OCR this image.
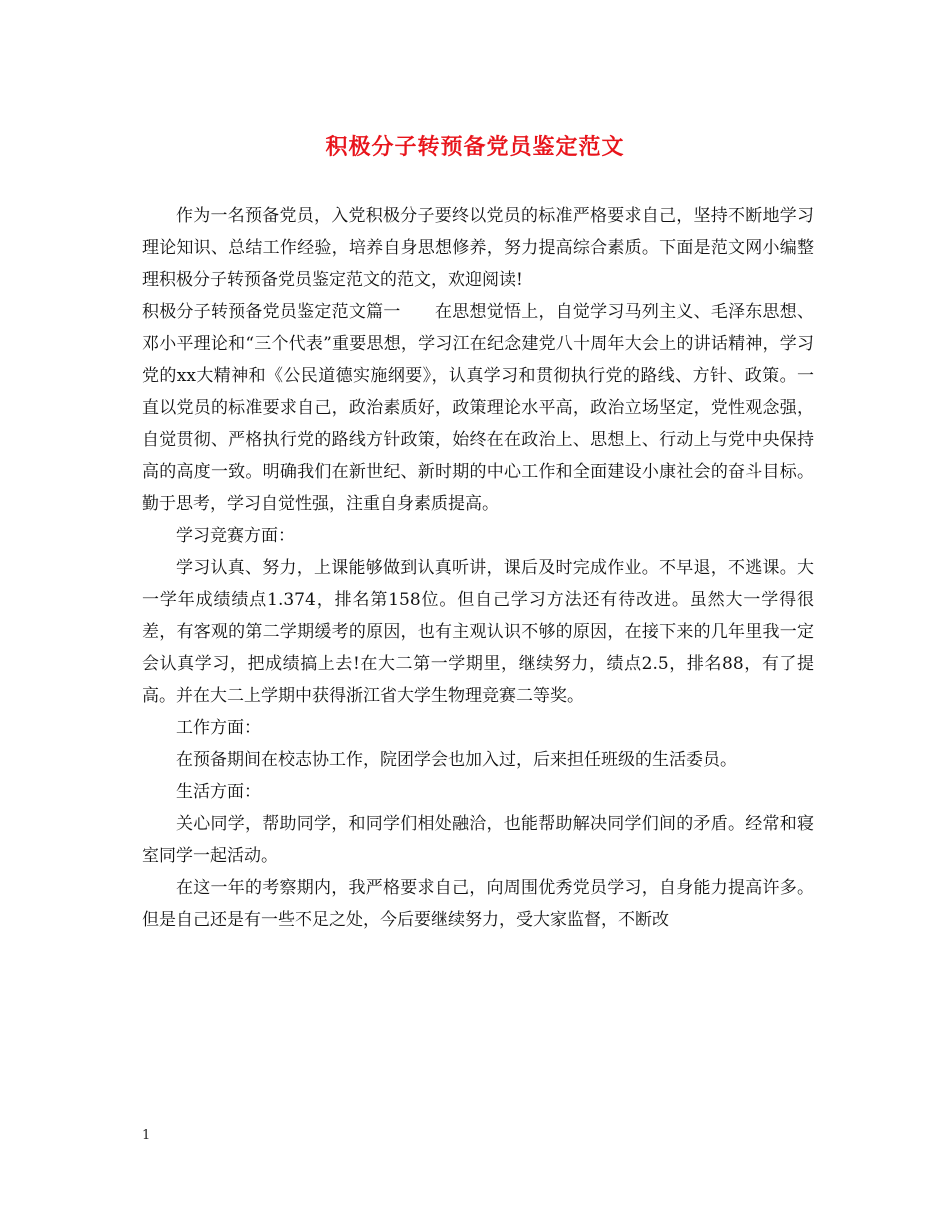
积极分子转预备党员鉴定范文

作为一名预备党员，入党积极分子要终以党员的标准严格要求自己，坚持不断地学习理论知识、总结工作经验，培养自身思想修养，努力提高综合素质。下面是范文网小编整理积极分子转预备党员鉴定范文的范文，欢迎阅读!

积极分子转预备党员鉴定范文篇一　　在思想觉悟上，自觉学习马列主义、毛泽东思想、邓小平理论和“三个代表”重要思想，学习江在纪念建党八十周年大会上的讲话精神，学习党的xx大精神和《公民道德实施纲要》，认真学习和贯彻执行党的路线、方针、政策。一直以党员的标准要求自己，政治素质好，政策理论水平高，政治立场坚定，党性观念强，自觉贯彻、严格执行党的路线方针政策，始终在在政治上、思想上、行动上与党中央保持高的高度一致。明确我们在新世纪、新时期的中心工作和全面建设小康社会的奋斗目标。勤于思考，学习自觉性强，注重自身素质提高。

学习竞赛方面：

学习认真、努力，上课能够做到认真听讲，课后及时完成作业。不早退，不逃课。大一学年成绩绩点1.374，排名第158位。但自己学习方法还有待改进。虽然大一学得很差，有客观的第二学期缓考的原因，也有主观认识不够的原因，在接下来的几年里我一定会认真学习，把成绩搞上去!在大二第一学期里，继续努力，绩点2.5，排名88，有了提高。并在大二上学期中获得浙江省大学生物理竞赛二等奖。

工作方面：

在预备期间在校志协工作，院团学会也加入过，后来担任班级的生活委员。

生活方面：

关心同学，帮助同学，和同学们相处融洽，也能帮助解决同学们间的矛盾。经常和寝室同学一起活动。

在这一年的考察期内，我严格要求自己，向周围优秀党员学习，自身能力提高许多。但是自己还是有一些不足之处，今后要继续努力，受大家监督，不断改

1
